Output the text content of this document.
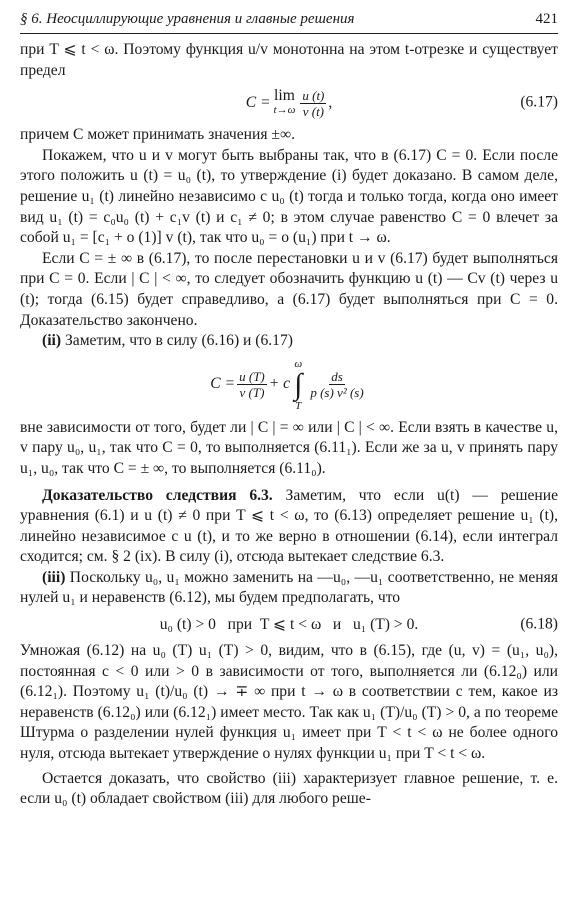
§ 6. Неосциллирующие уравнения и главные решения	421

при T ⩽ t < ω. Поэтому функция u/v монотонна на этом t-отрезке и существует предел

C = lim
$t\to\omega \frac{u (t)}{v (t)}$ ,	(6.17)

причем C может принимать значения ±∞.

Покажем, что u и v могут быть выбраны так, что в (6.17) C = 0. Если после этого положить u (t) = u₀ (t), то утверждение (i) будет доказано. В самом деле, решение u₁ (t) линейно независимо с u₀ (t) тогда и только тогда, когда оно имеет вид u₁ (t) = c₀u₀ (t) + c₁v (t) и c₁ ≠ 0; в этом случае равенство C = 0 влечет за собой u₁ = [c₁ + o (1)] v (t), так что u₀ = o (u₁) при t → ω.

Если C = ± ∞ в (6.17), то после перестановки u и v (6.17) будет выполняться при C = 0. Если | C | < ∞, то следует обозначить функцию u (t) — Cv (t) через u (t); тогда (6.15) будет справедливо, а (6.17) будет выполняться при C = 0. Доказательство закончено.

(ii) Заметим, что в силу (6.16) и (6.17)

$C = \frac{u (T)}{v (T)} + c$
ω
∫
T
$\frac{ds}{\text{p (s) v² (s)}}$

вне зависимости от того, будет ли | C | = ∞ или | C | < ∞. Если взять в качестве u, v пару u₀, u₁, так что C = 0, то выполняется (6.11₁). Если же за u, v принять пару u₁, u₀, так что C = ± ∞, то выполняется (6.11₀).

Доказательство следствия 6.3. Заметим, что если u(t) — решение уравнения (6.1) и u (t) ≠ 0 при T ⩽ t < ω, то (6.13) определяет решение u₁ (t), линейно независимое с u (t), и то же верно в отношении (6.14), если интеграл сходится; см. § 2 (ix). В силу (i), отсюда вытекает следствие 6.3.

(iii) Поскольку u₀, u₁ можно заменить на —u₀, —u₁ соответственно, не меняя нулей u₁ и неравенств (6.12), мы будем предполагать, что

u₀ (t) > 0   при  T ⩽ t < ω   и   u₁ (T) > 0.	(6.18)

Умножая (6.12) на u₀ (T) u₁ (T) > 0, видим, что в (6.15), где (u, v) = (u₁, u₀), постоянная c < 0 или > 0 в зависимости от того, выполняется ли (6.12₀) или (6.12₁). Поэтому u₁ (t)/u₀ (t) → ∓ ∞ при t → ω в соответствии с тем, какое из неравенств (6.12₀) или (6.12₁) имеет место. Так как u₁ (T)/u₀ (T) > 0, а по теореме Штурма о разделении нулей функция u₁ имеет при T < t < ω не более одного нуля, отсюда вытекает утверждение о нулях функции u₁ при T < t < ω.

Остается доказать, что свойство (iii) характеризует главное решение, т. е. если u₀ (t) обладает свойством (iii) для любого реше-
